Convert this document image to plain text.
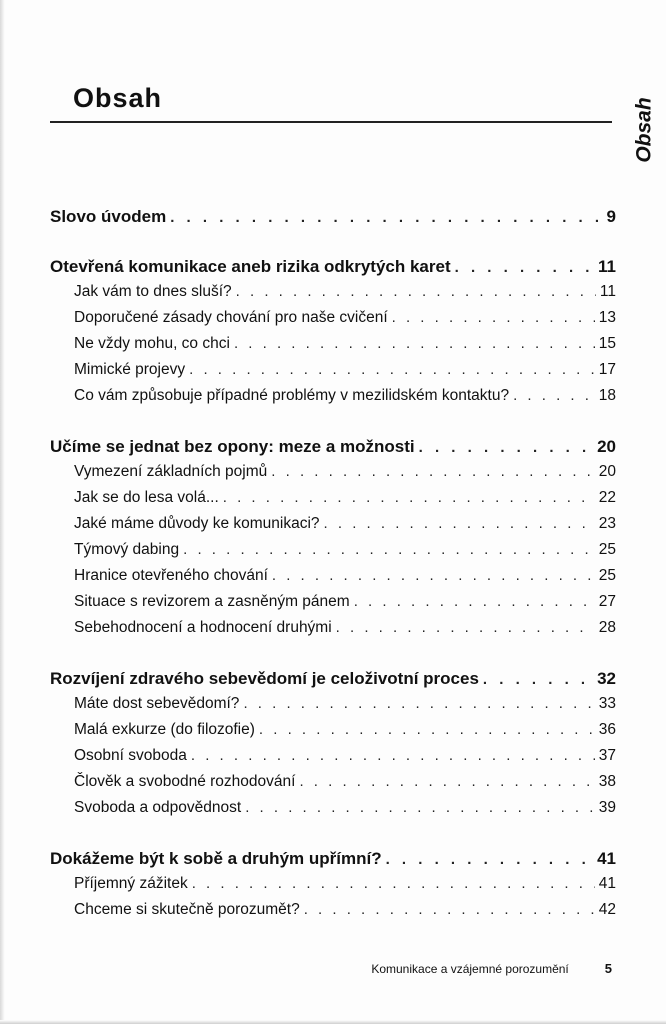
Obsah	Obsah
Slovo úvodem . . .	9
Otevřená komunikace aneb rizika odkrytých karet . . .	11
Jak vám to dnes sluší? . . .	11
Doporučené zásady chování pro naše cvičení . . .	13
Ne vždy mohu, co chci . . .	15
Mimické projevy . . .	17
Co vám způsobuje případné problémy v mezilidském kontaktu? . . .	18
Učíme se jednat bez opony: meze a možnosti . . .	20
Vymezení základních pojmů . . .	20
Jak se do lesa volá... . . .	22
Jaké máme důvody ke komunikaci? . . .	23
Týmový dabing . . .	25
Hranice otevřeného chování . . .	25
Situace s revizorem a zasněným pánem . . .	27
Sebehodnocení a hodnocení druhými . . .	28
Rozvíjení zdravého sebevědomí je celoživotní proces . . .	32
Máte dost sebevědomí? . . .	33
Malá exkurze (do filozofie) . . .	36
Osobní svoboda . . .	37
Člověk a svobodné rozhodování . . .	38
Svoboda a odpovědnost . . .	39
Dokážeme být k sobě a druhým upřímní? . . .	41
Příjemný zážitek . . .	41
Chceme si skutečně porozumět? . . .	42
Komunikace a vzájemné porozumění	5
